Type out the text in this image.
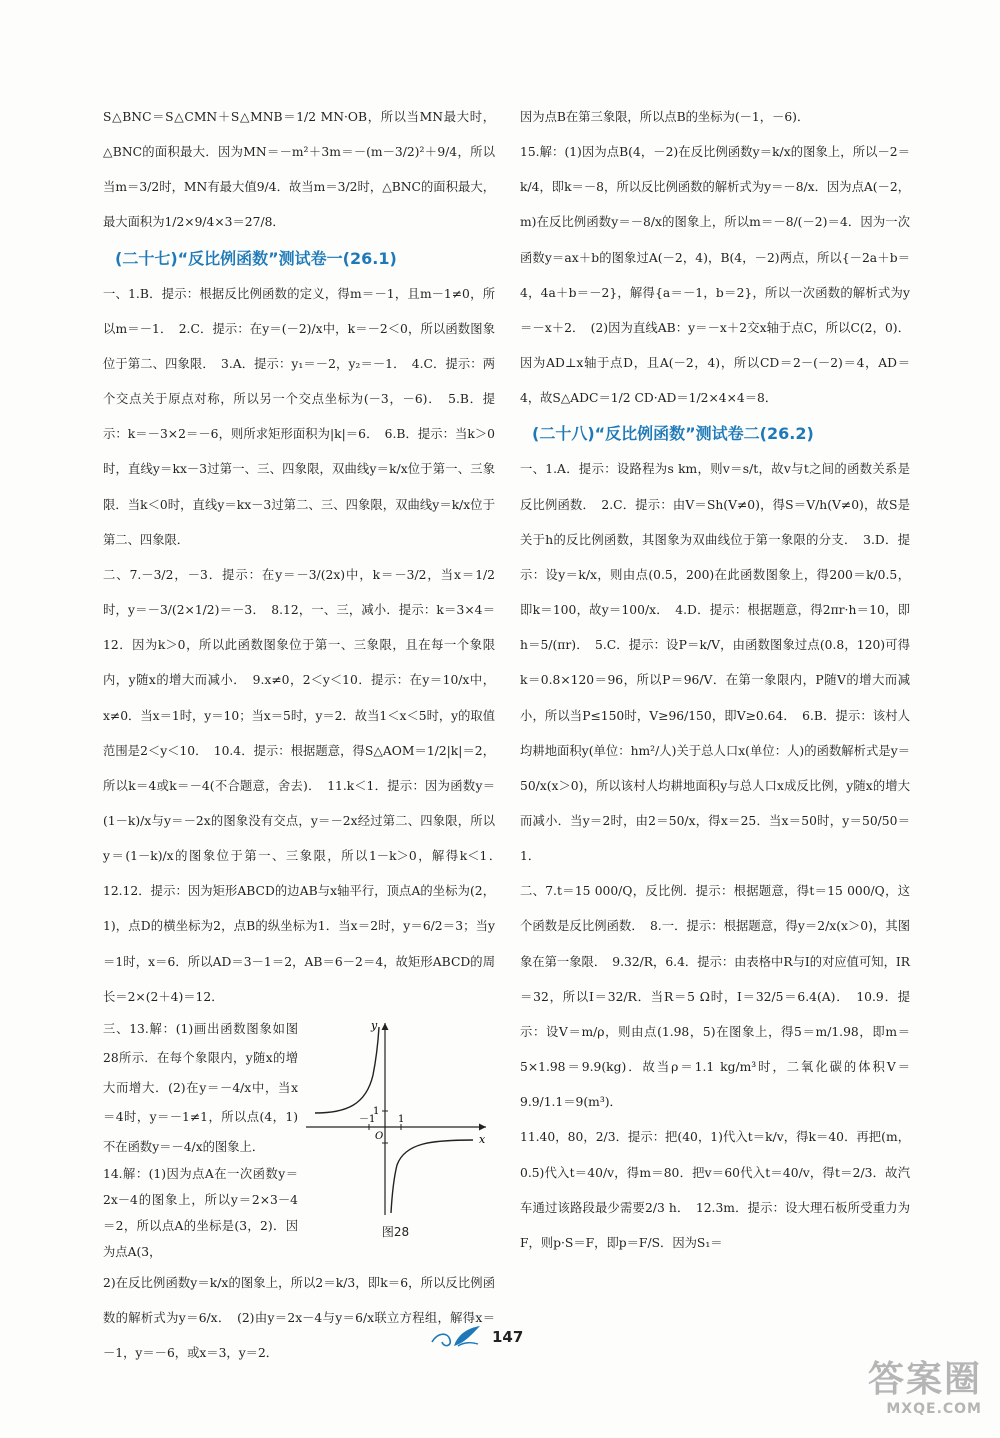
S△BNC＝S△CMN＋S△MNB＝1/2 MN·OB，所以当MN最大时，△BNC的面积最大．因为MN＝－m²＋3m＝－(m－3/2)²＋9/4，所以当m＝3/2时，MN有最大值9/4．故当m＝3/2时，△BNC的面积最大，最大面积为1/2×9/4×3＝27/8．

(二十七)“反比例函数”测试卷一(26.1)

一、1.B．提示：根据反比例函数的定义，得m＝－1，且m－1≠0，所以m＝－1．　2.C．提示：在y＝(－2)/x中，k＝－2＜0，所以函数图象位于第二、四象限．　3.A．提示：y₁＝－2，y₂＝－1．　4.C．提示：两个交点关于原点对称，所以另一个交点坐标为(－3，－6)．　5.B．提示：k＝－3×2＝－6，则所求矩形面积为|k|＝6．　6.B．提示：当k＞0时，直线y＝kx－3过第一、三、四象限，双曲线y＝k/x位于第一、三象限．当k＜0时，直线y＝kx－3过第二、三、四象限，双曲线y＝k/x位于第二、四象限．

二、7.－3/2，－3．提示：在y＝－3/(2x)中，k＝－3/2，当x＝1/2时，y＝－3/(2×1/2)＝－3．　8.12，一、三，减小．提示：k＝3×4＝12．因为k＞0，所以此函数图象位于第一、三象限，且在每一个象限内，y随x的增大而减小．　9.x≠0，2＜y＜10．提示：在y＝10/x中，x≠0．当x＝1时，y＝10；当x＝5时，y＝2．故当1＜x＜5时，y的取值范围是2＜y＜10．　10.4．提示：根据题意，得S△AOM＝1/2|k|＝2，所以k＝4或k＝－4(不合题意，舍去)．　11.k＜1．提示：因为函数y＝(1－k)/x与y＝－2x的图象没有交点，y＝－2x经过第二、四象限，所以y＝(1－k)/x的图象位于第一、三象限，所以1－k＞0，解得k＜1．　12.12．提示：因为矩形ABCD的边AB与x轴平行，顶点A的坐标为(2，1)，点D的横坐标为2，点B的纵坐标为1．当x＝2时，y＝6/2＝3；当y＝1时，x＝6．所以AD＝3－1＝2，AB＝6－2＝4，故矩形ABCD的周长＝2×(2＋4)＝12．

三、13.解：(1)画出函数图象如图28所示．在每个象限内，y随x的增大而增大．(2)在y＝－4/x中，当x＝4时，y＝－1≠1，所以点(4，1)不在函数y＝－4/x的图象上．

14.解：(1)因为点A在一次函数y＝2x－4的图象上，所以y＝2×3－4＝2，所以点A的坐标是(3，2)．因为点A(3，

x
y
O
1
－1
1
图28

2)在反比例函数y＝k/x的图象上，所以2＝k/3，即k＝6，所以反比例函数的解析式为y＝6/x．　(2)由y＝2x－4与y＝6/x联立方程组，解得x＝－1，y＝－6，或x＝3，y＝2．

因为点B在第三象限，所以点B的坐标为(－1，－6)．

15.解：(1)因为点B(4，－2)在反比例函数y＝k/x的图象上，所以－2＝k/4，即k＝－8，所以反比例函数的解析式为y＝－8/x．因为点A(－2，m)在反比例函数y＝－8/x的图象上，所以m＝－8/(－2)＝4．因为一次函数y＝ax＋b的图象过A(－2，4)，B(4，－2)两点，所以{－2a＋b＝4，4a＋b＝－2}，解得{a＝－1，b＝2}，所以一次函数的解析式为y＝－x＋2．　(2)因为直线AB：y＝－x＋2交x轴于点C，所以C(2，0)．因为AD⊥x轴于点D，且A(－2，4)，所以CD＝2－(－2)＝4，AD＝4，故S△ADC＝1/2 CD·AD＝1/2×4×4＝8．

(二十八)“反比例函数”测试卷二(26.2)

一、1.A．提示：设路程为s km，则v＝s/t，故v与t之间的函数关系是反比例函数．　2.C．提示：由V＝Sh(V≠0)，得S＝V/h(V≠0)，故S是关于h的反比例函数，其图象为双曲线位于第一象限的分支．　3.D．提示：设y＝k/x，则由点(0.5，200)在此函数图象上，得200＝k/0.5，即k＝100，故y＝100/x．　4.D．提示：根据题意，得2πr·h＝10，即h＝5/(πr)．　5.C．提示：设P＝k/V，由函数图象过点(0.8，120)可得k＝0.8×120＝96，所以P＝96/V．在第一象限内，P随V的增大而减小，所以当P≤150时，V≥96/150，即V≥0.64．　6.B．提示：该村人均耕地面积y(单位：hm²/人)关于总人口x(单位：人)的函数解析式是y＝50/x(x＞0)，所以该村人均耕地面积y与总人口x成反比例，y随x的增大而减小．当y＝2时，由2＝50/x，得x＝25．当x＝50时，y＝50/50＝1．

二、7.t＝15 000/Q，反比例．提示：根据题意，得t＝15 000/Q，这个函数是反比例函数．　8.一．提示：根据题意，得y＝2/x(x＞0)，其图象在第一象限．　9.32/R，6.4．提示：由表格中R与I的对应值可知，IR＝32，所以I＝32/R．当R＝5 Ω时，I＝32/5＝6.4(A)．　10.9．提示：设V＝m/ρ，则由点(1.98，5)在图象上，得5＝m/1.98，即m＝5×1.98＝9.9(kg)．故当ρ＝1.1 kg/m³时，二氧化碳的体积V＝9.9/1.1＝9(m³)．

11.40，80，2/3．提示：把(40，1)代入t＝k/v，得k＝40．再把(m，0.5)代入t＝40/v，得m＝80．把v＝60代入t＝40/v，得t＝2/3．故汽车通过该路段最少需要2/3 h．　12.3m．提示：设大理石板所受重力为F，则p·S＝F，即p＝F/S．因为S₁＝

147
答案圈
MXQE.COM
